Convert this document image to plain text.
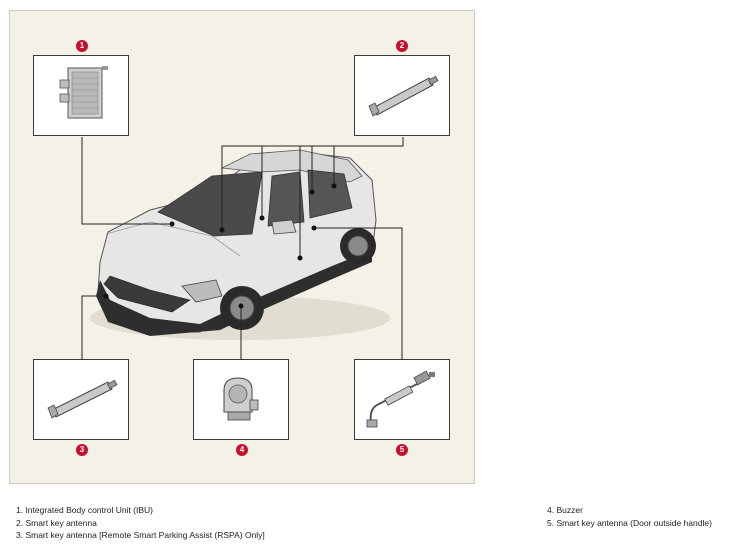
1	2
3	4	5
1. Integrated Body control Unit (IBU)
2. Smart key antenna
3. Smart key antenna [Remote Smart Parking Assist (RSPA) Only]
4. Buzzer
5. Smart key antenna (Door outside handle)
